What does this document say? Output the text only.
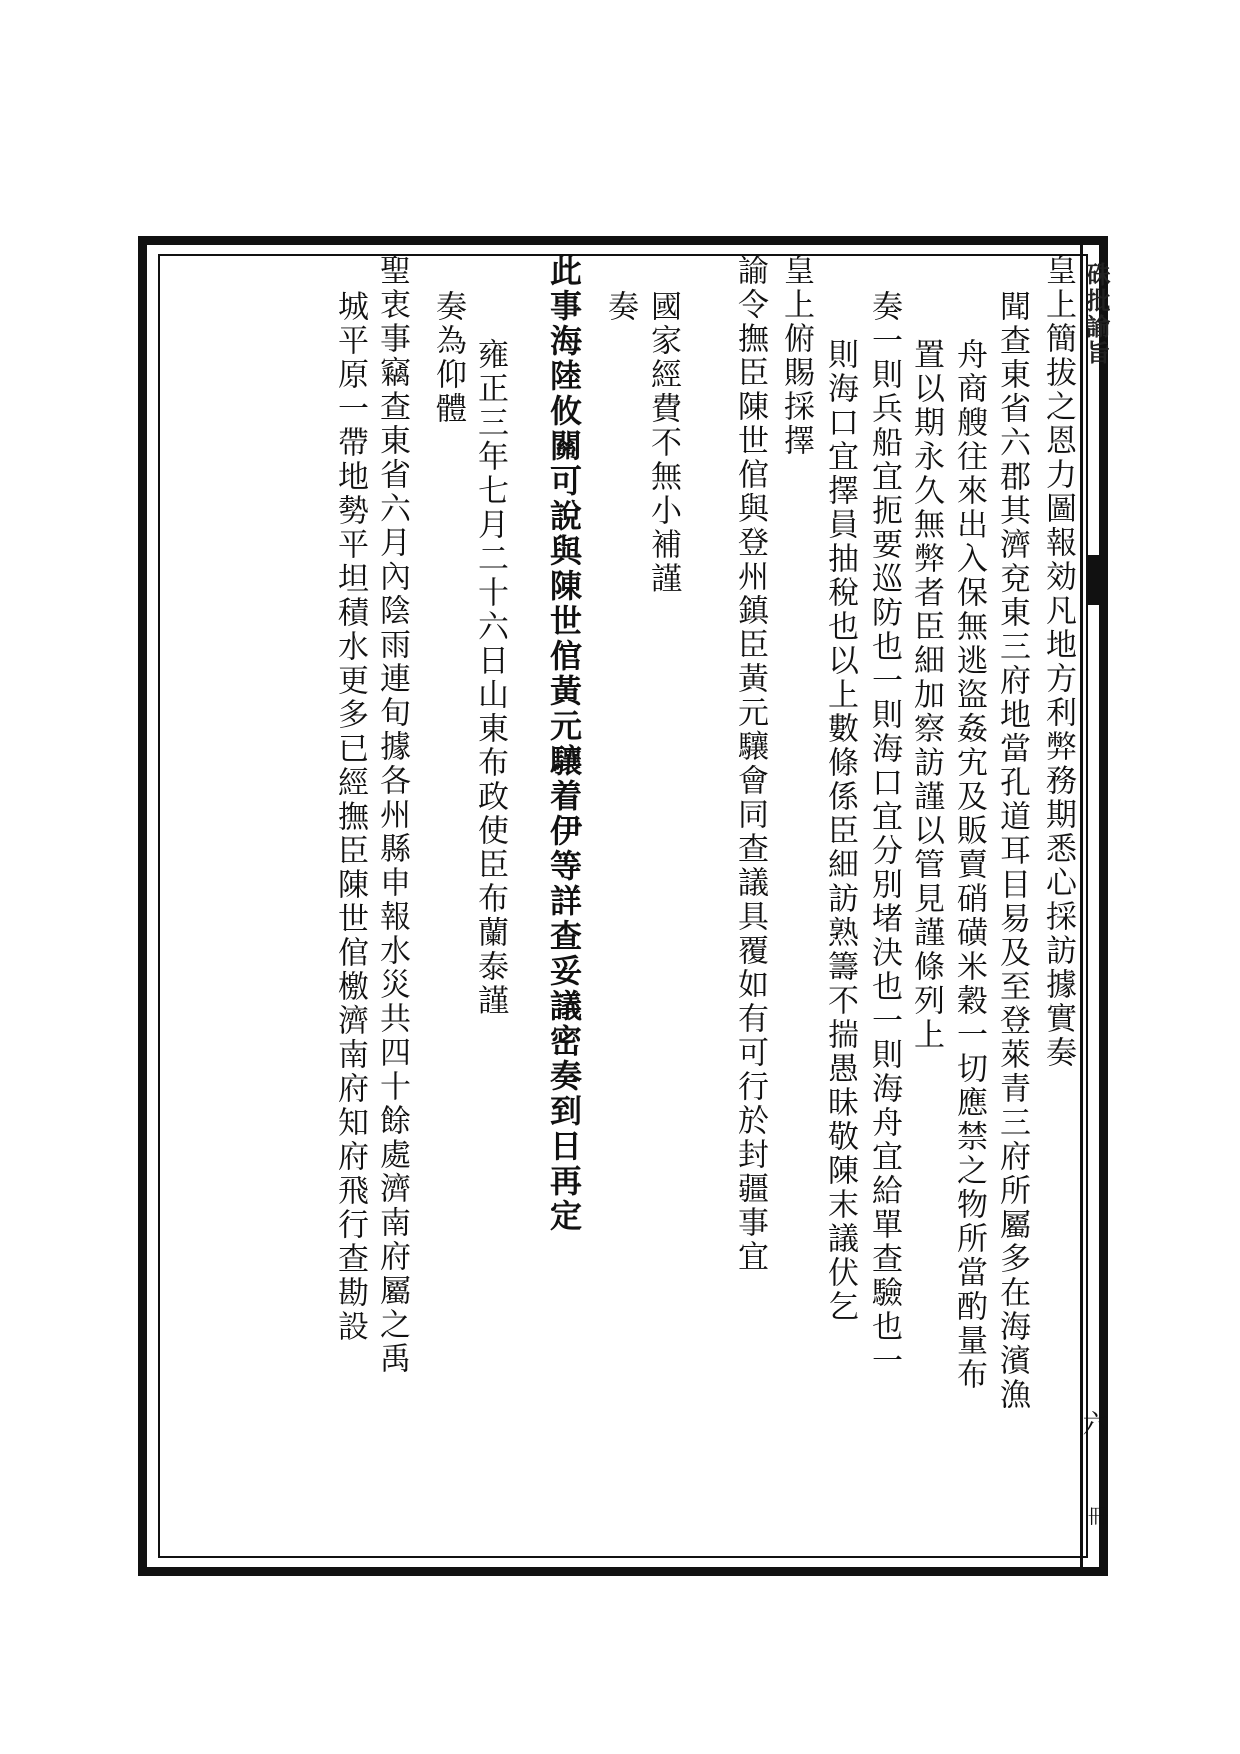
硃批諭旨
六
冊
皇上簡拔之恩力圖報効凡地方利弊務期悉心採訪據實奏
聞查東省六郡其濟兗東三府地當孔道耳目易及至登萊青三府所屬多在海濱漁
舟商艘往來出入保無逃盜姦宄及販賣硝磺米穀一切應禁之物所當酌量布
置以期永久無弊者臣細加察訪謹以管見謹條列上
奏一則兵船宜扼要巡防也一則海口宜分別堵決也一則海舟宜給單查驗也一
則海口宜擇員抽稅也以上數條係臣細訪熟籌不揣愚昧敬陳末議伏乞
皇上俯賜採擇
諭令撫臣陳世倌與登州鎮臣黃元驤會同查議具覆如有可行於封疆事宜
國家經費不無小補謹
奏
此事海陸攸關可說與陳世倌黃元驤着伊等詳查妥議密奏到日再定
雍正三年七月二十六日山東布政使臣布蘭泰謹
奏為仰體
聖衷事竊查東省六月內陰雨連旬據各州縣申報水災共四十餘處濟南府屬之禹
城平原一帶地勢平坦積水更多已經撫臣陳世倌檄濟南府知府飛行查勘設
